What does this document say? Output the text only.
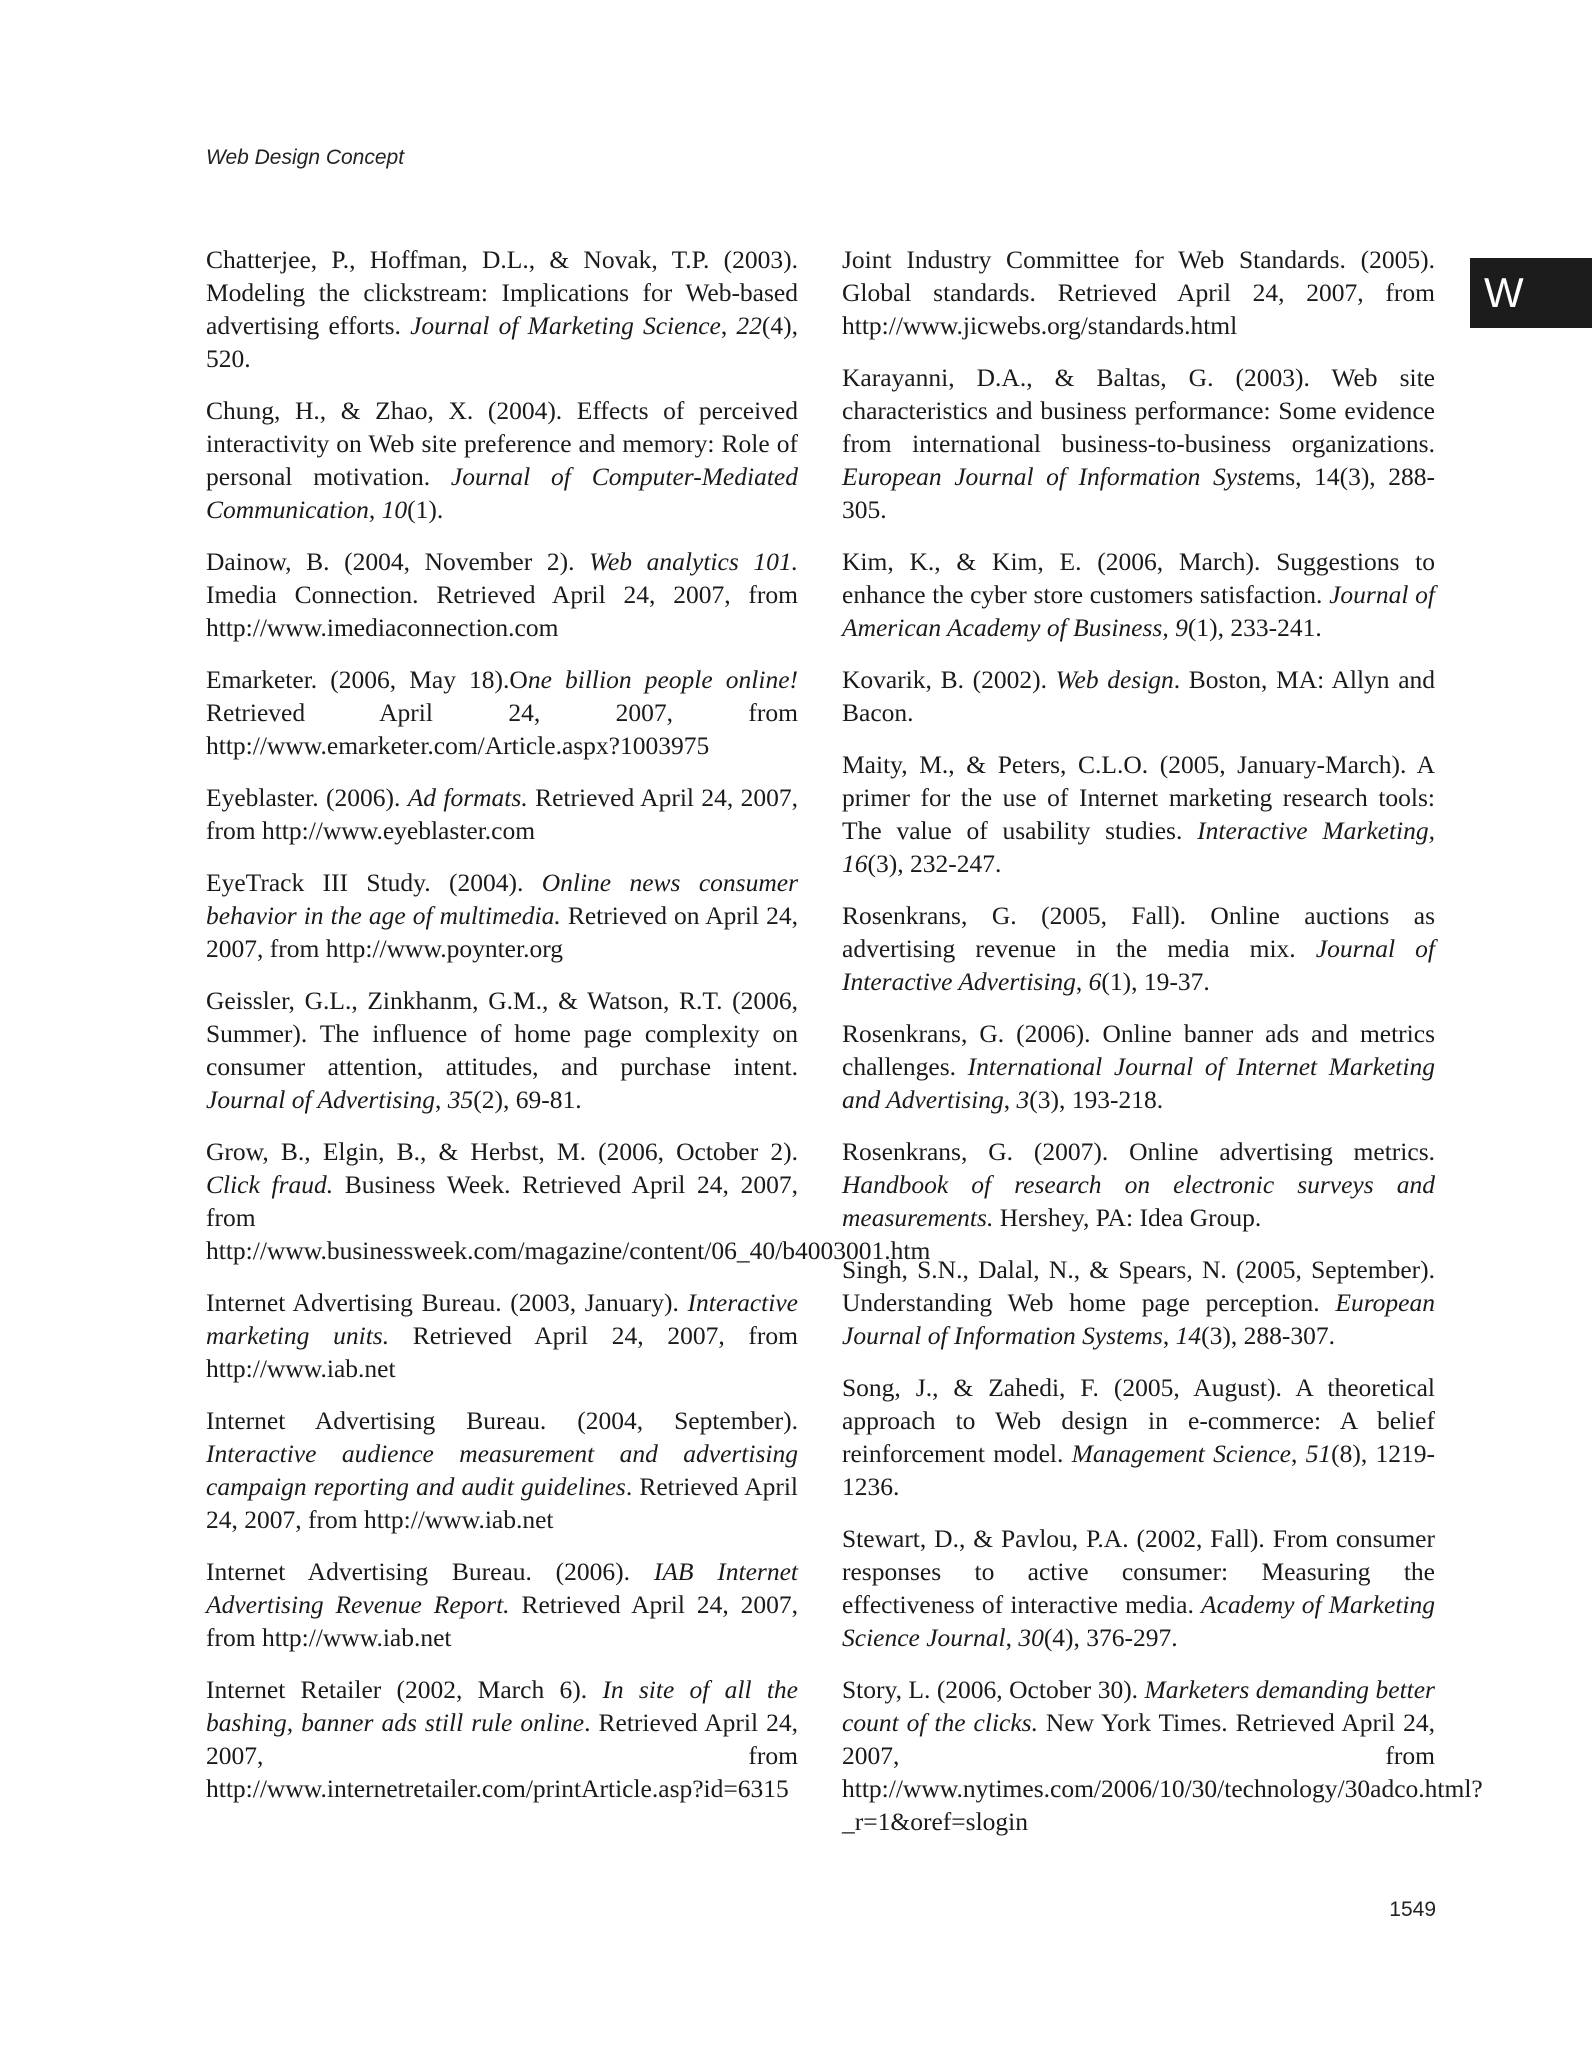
Web Design Concept
W

Chatterjee, P., Hoffman, D.L., & Novak, T.P. (2003). Modeling the clickstream: Implications for Web-based advertising efforts. Journal of Marketing Science, 22(4), 520.

Chung, H., & Zhao, X. (2004). Effects of perceived interactivity on Web site preference and memory: Role of personal motivation. Journal of Computer-Mediated Communication, 10(1).

Dainow, B. (2004, November 2). Web analytics 101. Imedia Connection. Retrieved April 24, 2007, from http://www.imediaconnection.com

Emarketer. (2006, May 18).One billion people online! Retrieved April 24, 2007, from http://www.emarketer.com/Article.aspx?1003975

Eyeblaster. (2006). Ad formats. Retrieved April 24, 2007, from http://www.eyeblaster.com

EyeTrack III Study. (2004). Online news consumer behavior in the age of multimedia. Retrieved on April 24, 2007, from http://www.poynter.org

Geissler, G.L., Zinkhanm, G.M., & Watson, R.T. (2006, Summer). The influence of home page complexity on consumer attention, attitudes, and purchase intent. Journal of Advertising, 35(2), 69-81.

Grow, B., Elgin, B., & Herbst, M. (2006, October 2). Click fraud. Business Week. Retrieved April 24, 2007, from http://www.businessweek.com/magazine/content/06_40/b4003001.htm

Internet Advertising Bureau. (2003, January). Interactive marketing units. Retrieved April 24, 2007, from http://www.iab.net

Internet Advertising Bureau. (2004, September). Interactive audience measurement and advertising campaign reporting and audit guidelines. Retrieved April 24, 2007, from http://www.iab.net

Internet Advertising Bureau. (2006). IAB Internet Advertising Revenue Report. Retrieved April 24, 2007, from http://www.iab.net

Internet Retailer (2002, March 6). In site of all the bashing, banner ads still rule online. Retrieved April 24, 2007, from http://www.internetretailer.com/printArticle.asp?id=6315

Joint Industry Committee for Web Standards. (2005). Global standards. Retrieved April 24, 2007, from http://www.jicwebs.org/standards.html

Karayanni, D.A., & Baltas, G. (2003). Web site characteristics and business performance: Some evidence from international business-to-business organizations. European Journal of Information Systems, 14(3), 288-305.

Kim, K., & Kim, E. (2006, March). Suggestions to enhance the cyber store customers satisfaction. Journal of American Academy of Business, 9(1), 233-241.

Kovarik, B. (2002). Web design. Boston, MA: Allyn and Bacon.

Maity, M., & Peters, C.L.O. (2005, January-March). A primer for the use of Internet marketing research tools: The value of usability studies. Interactive Marketing, 16(3), 232-247.

Rosenkrans, G. (2005, Fall). Online auctions as advertising revenue in the media mix. Journal of Interactive Advertising, 6(1), 19-37.

Rosenkrans, G. (2006). Online banner ads and metrics challenges. International Journal of Internet Marketing and Advertising, 3(3), 193-218.

Rosenkrans, G. (2007). Online advertising metrics. Handbook of research on electronic surveys and measurements. Hershey, PA: Idea Group.

Singh, S.N., Dalal, N., & Spears, N. (2005, September). Understanding Web home page perception. European Journal of Information Systems, 14(3), 288-307.

Song, J., & Zahedi, F. (2005, August). A theoretical approach to Web design in e-commerce: A belief reinforcement model. Management Science, 51(8), 1219-1236.

Stewart, D., & Pavlou, P.A. (2002, Fall). From consumer responses to active consumer: Measuring the effectiveness of interactive media. Academy of Marketing Science Journal, 30(4), 376-297.

Story, L. (2006, October 30). Marketers demanding better count of the clicks. New York Times. Retrieved April 24, 2007, from http://www.nytimes.com/2006/10/30/technology/30adco.html?_r=1&oref=slogin

1549
